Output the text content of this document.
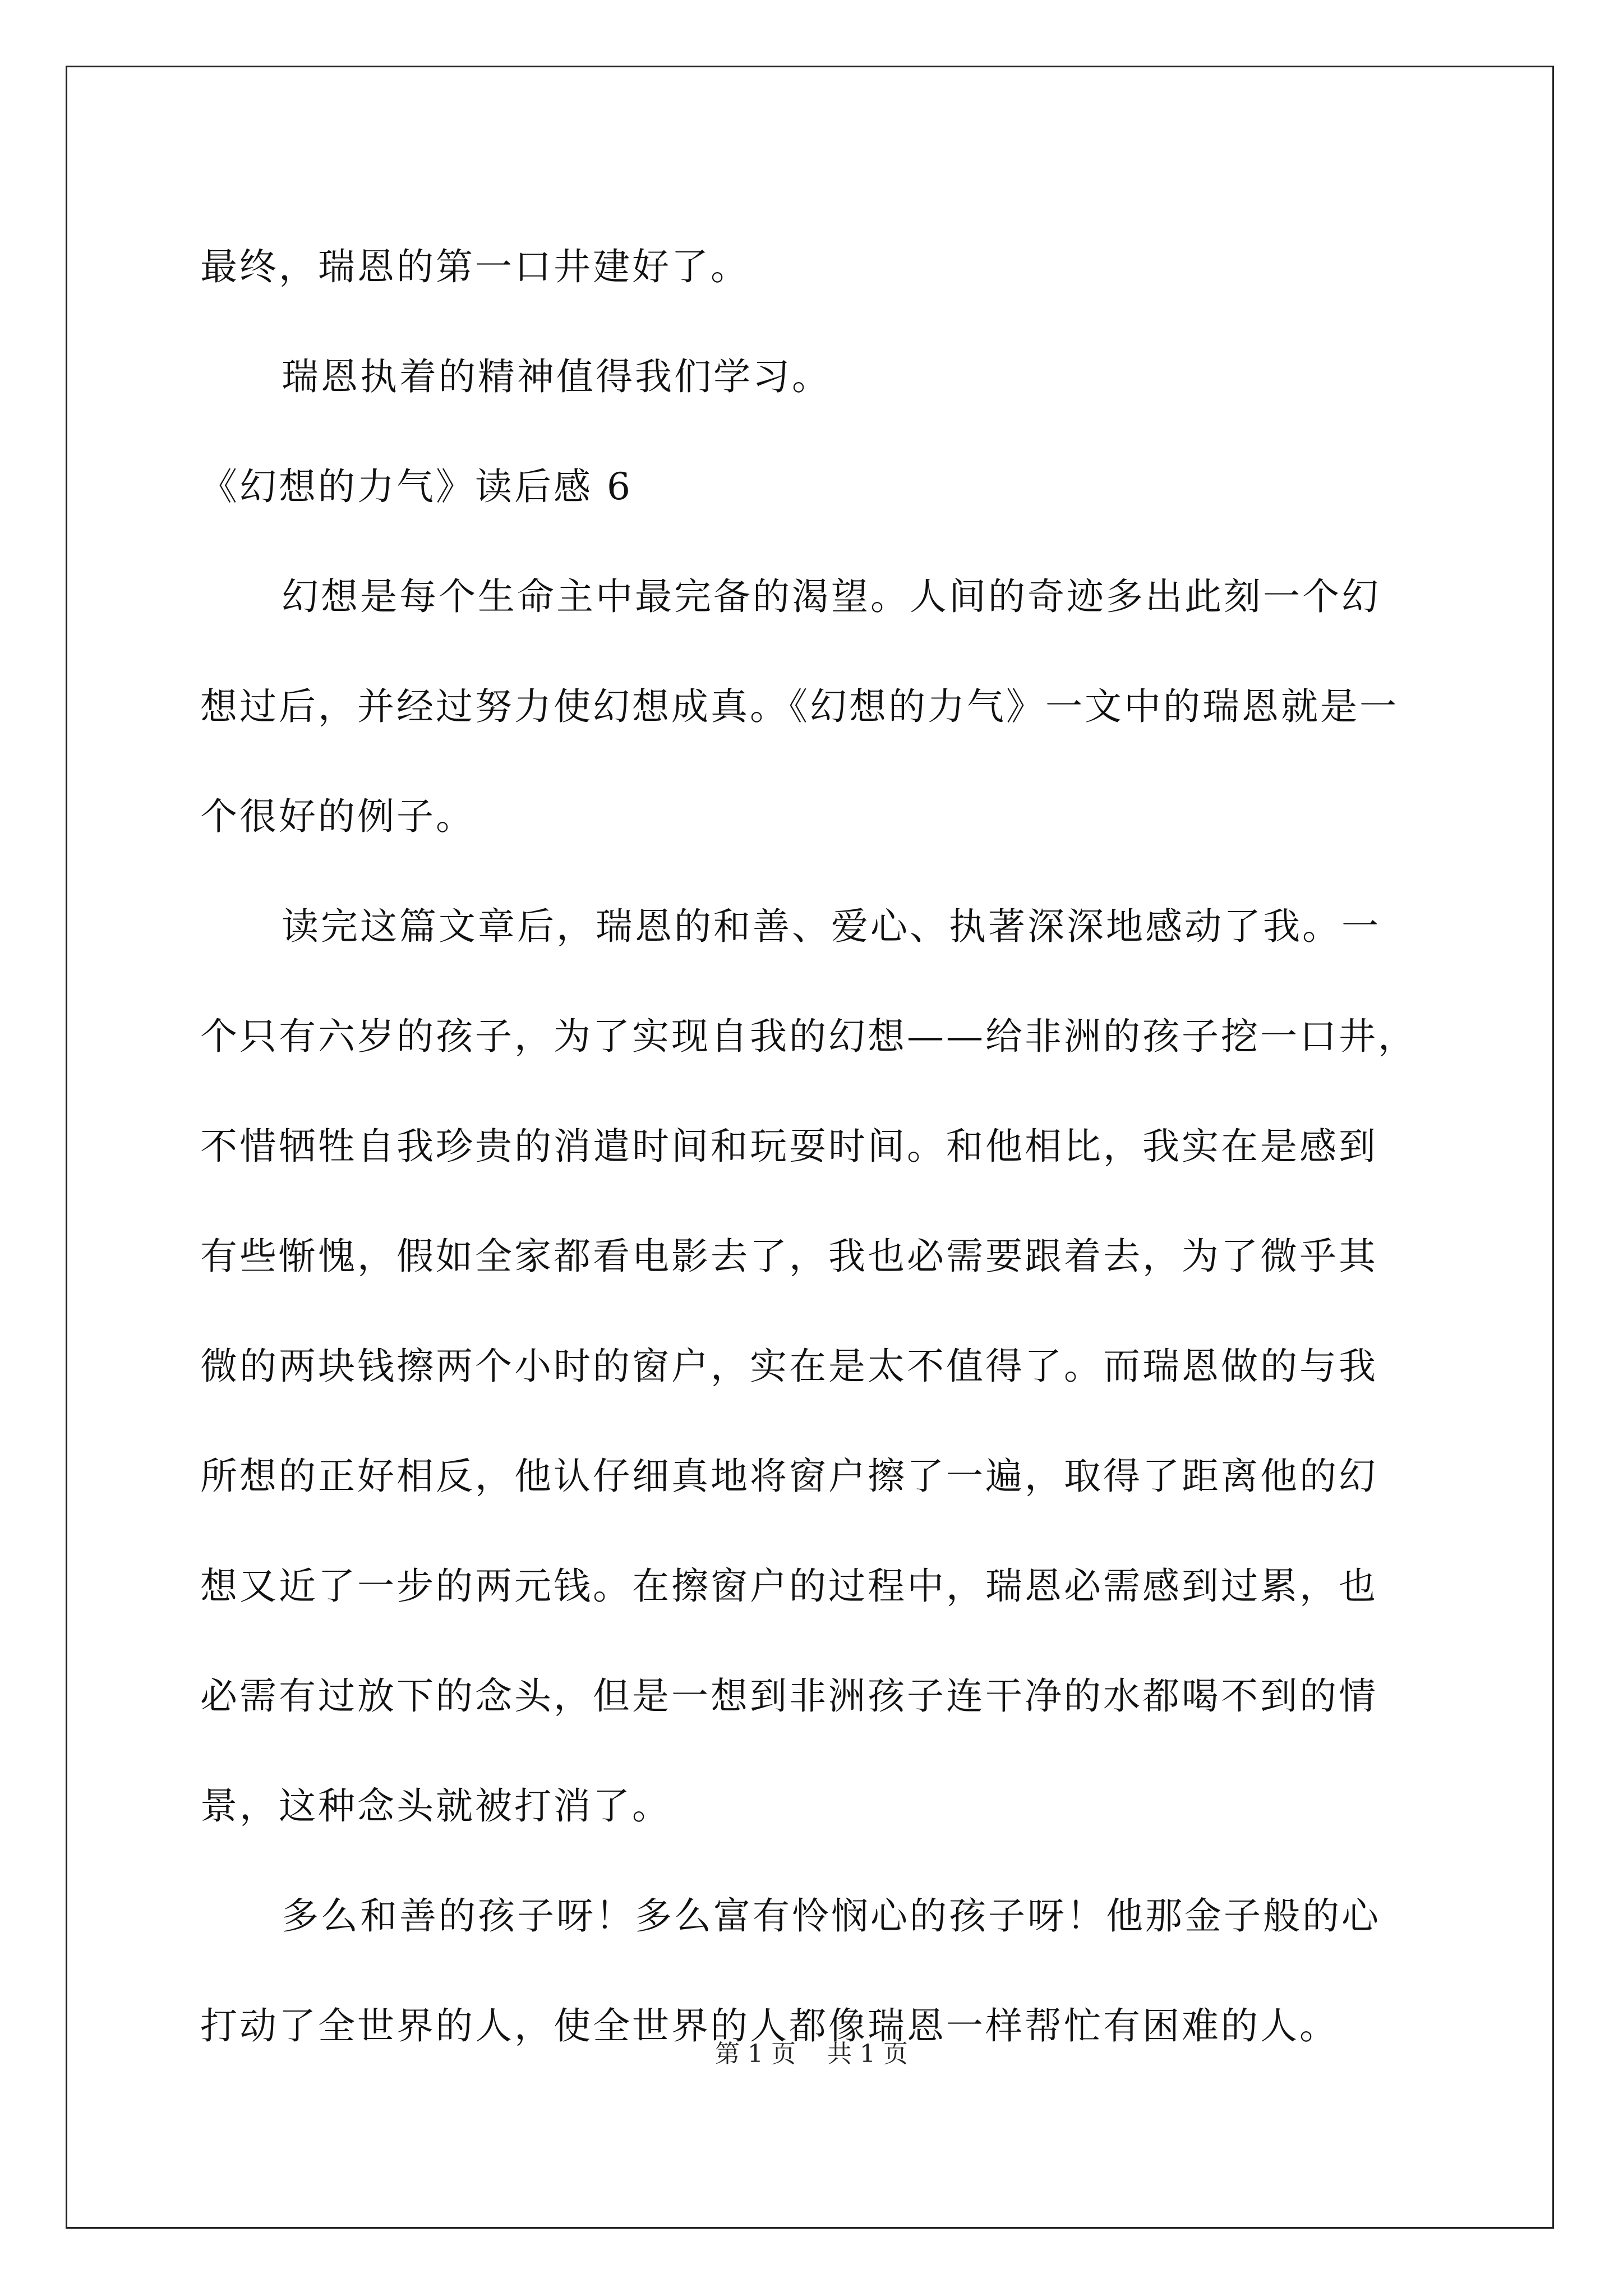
最终，瑞恩的第一口井建好了。
瑞恩执着的精神值得我们学习。
《幻想的力气》读后感 6
幻想是每个生命主中最完备的渴望。人间的奇迹多出此刻一个幻
想过后，并经过努力使幻想成真。《幻想的力气》一文中的瑞恩就是一
个很好的例子。
读完这篇文章后，瑞恩的和善、爱心、执著深深地感动了我。一
个只有六岁的孩子，为了实现自我的幻想——给非洲的孩子挖一口井，
不惜牺牲自我珍贵的消遣时间和玩耍时间。和他相比，我实在是感到
有些惭愧，假如全家都看电影去了，我也必需要跟着去，为了微乎其
微的两块钱擦两个小时的窗户，实在是太不值得了。而瑞恩做的与我
所想的正好相反，他认仔细真地将窗户擦了一遍，取得了距离他的幻
想又近了一步的两元钱。在擦窗户的过程中，瑞恩必需感到过累，也
必需有过放下的念头，但是一想到非洲孩子连干净的水都喝不到的情
景，这种念头就被打消了。
多么和善的孩子呀！多么富有怜悯心的孩子呀！他那金子般的心
打动了全世界的人，使全世界的人都像瑞恩一样帮忙有困难的人。
第 1 页    共 1 页
